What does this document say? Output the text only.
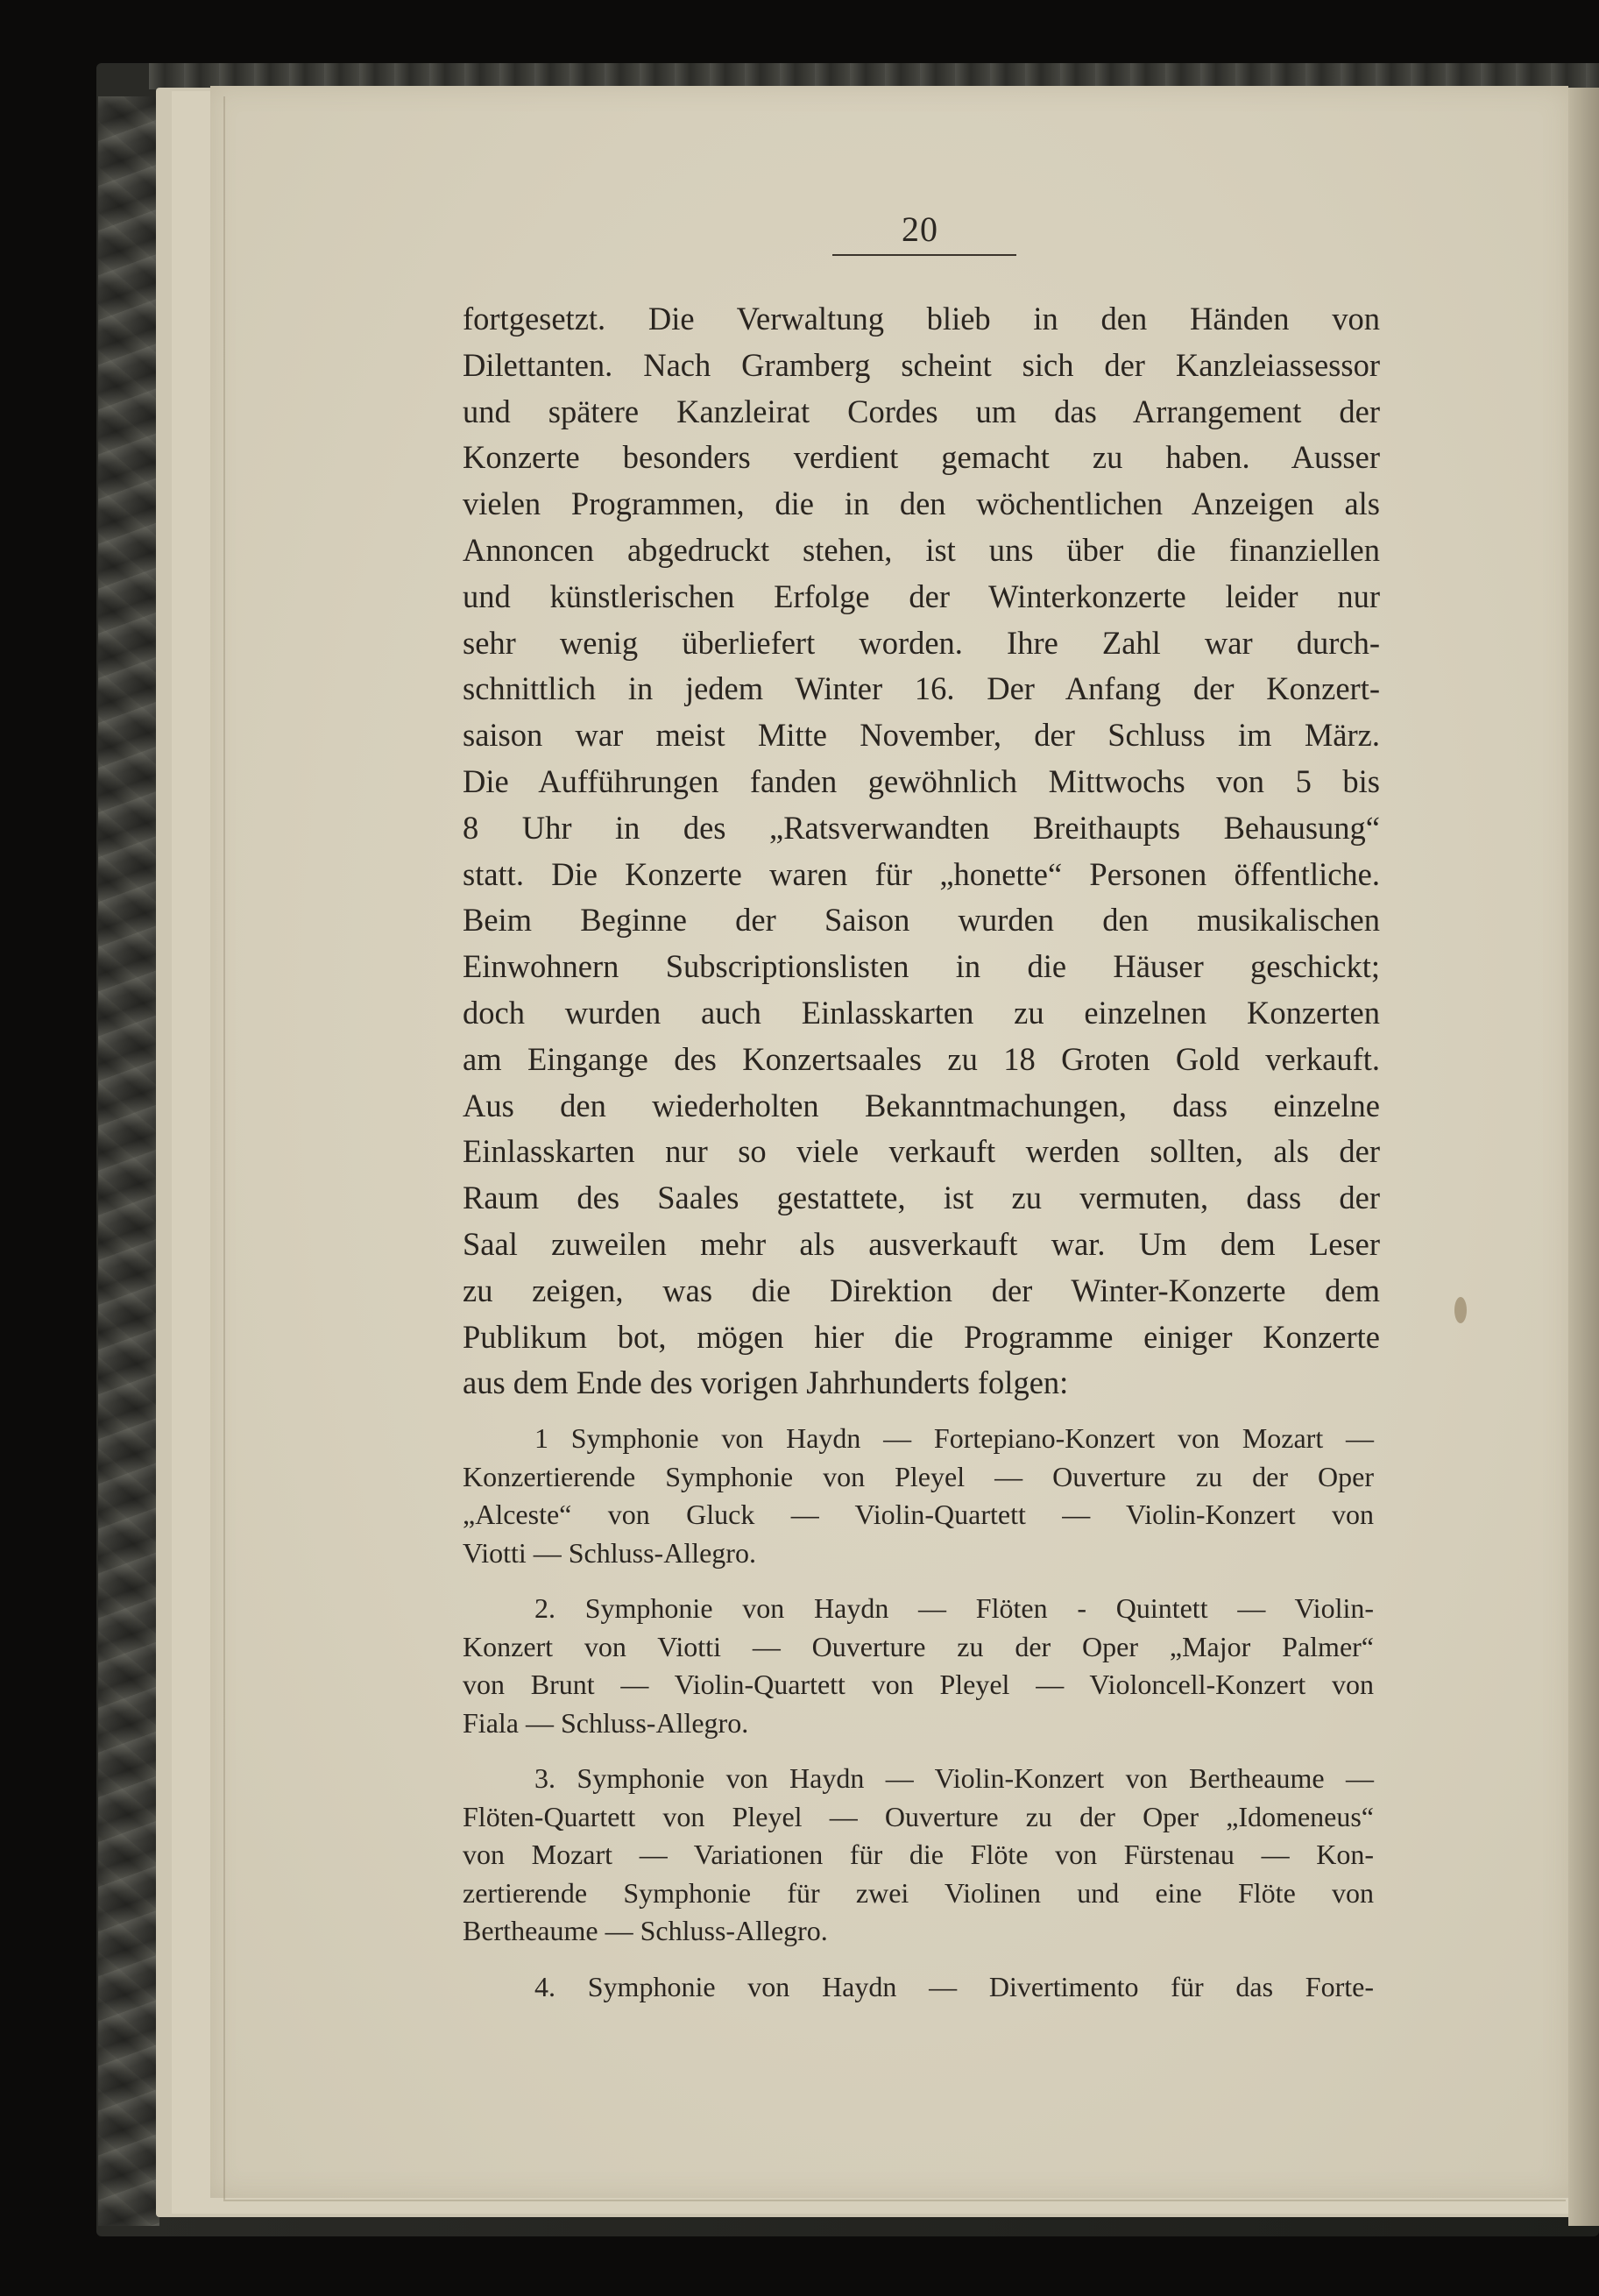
20
fortgesetzt. Die Verwaltung blieb in den Händen von
Dilettanten. Nach Gramberg scheint sich der Kanzleiassessor
und spätere Kanzleirat Cordes um das Arrangement der
Konzerte besonders verdient gemacht zu haben. Ausser
vielen Programmen, die in den wöchentlichen Anzeigen als
Annoncen abgedruckt stehen, ist uns über die finanziellen
und künstlerischen Erfolge der Winterkonzerte leider nur
sehr wenig überliefert worden. Ihre Zahl war durch-
schnittlich in jedem Winter 16. Der Anfang der Konzert-
saison war meist Mitte November, der Schluss im März.
Die Aufführungen fanden gewöhnlich Mittwochs von 5 bis
8 Uhr in des „Ratsverwandten Breithaupts Behausung“
statt. Die Konzerte waren für „honette“ Personen öffentliche.
Beim Beginne der Saison wurden den musikalischen
Einwohnern Subscriptionslisten in die Häuser geschickt;
doch wurden auch Einlasskarten zu einzelnen Konzerten
am Eingange des Konzertsaales zu 18 Groten Gold verkauft.
Aus den wiederholten Bekanntmachungen, dass einzelne
Einlasskarten nur so viele verkauft werden sollten, als der
Raum des Saales gestattete, ist zu vermuten, dass der
Saal zuweilen mehr als ausverkauft war. Um dem Leser
zu zeigen, was die Direktion der Winter-Konzerte dem
Publikum bot, mögen hier die Programme einiger Konzerte
aus dem Ende des vorigen Jahrhunderts folgen:
1 Symphonie von Haydn — Fortepiano-Konzert von Mozart —
Konzertierende Symphonie von Pleyel — Ouverture zu der Oper
„Alceste“ von Gluck — Violin-Quartett — Violin-Konzert von
Viotti — Schluss-Allegro.
2. Symphonie von Haydn — Flöten - Quintett — Violin-
Konzert von Viotti — Ouverture zu der Oper „Major Palmer“
von Brunt — Violin-Quartett von Pleyel — Violoncell-Konzert von
Fiala — Schluss-Allegro.
3. Symphonie von Haydn — Violin-Konzert von Bertheaume —
Flöten-Quartett von Pleyel — Ouverture zu der Oper „Idomeneus“
von Mozart — Variationen für die Flöte von Fürstenau — Kon-
zertierende Symphonie für zwei Violinen und eine Flöte von
Bertheaume — Schluss-Allegro.
4. Symphonie von Haydn — Divertimento für das Forte-
